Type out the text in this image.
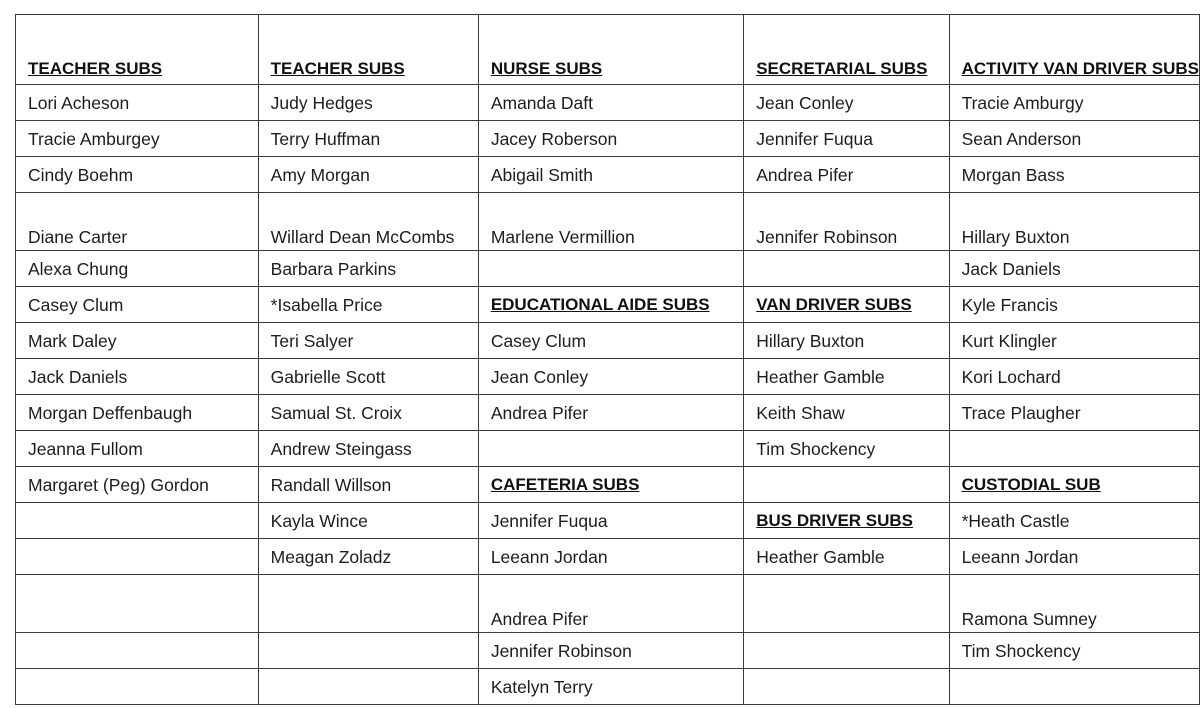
TEACHER SUBS	TEACHER SUBS	NURSE SUBS	SECRETARIAL SUBS	ACTIVITY VAN DRIVER SUBS

Lori Acheson	Judy Hedges	Amanda Daft	Jean Conley	Tracie Amburgy
Tracie Amburgey	Terry Huffman	Jacey Roberson	Jennifer Fuqua	Sean Anderson
Cindy Boehm	Amy Morgan	Abigail Smith	Andrea Pifer	Morgan Bass
Diane Carter	Willard Dean McCombs	Marlene Vermillion	Jennifer Robinson	Hillary Buxton
Alexa Chung	Barbara Parkins			Jack Daniels
Casey Clum	*Isabella Price	EDUCATIONAL AIDE SUBS	VAN DRIVER SUBS	Kyle Francis
Mark Daley	Teri Salyer	Casey Clum	Hillary Buxton	Kurt Klingler
Jack Daniels	Gabrielle Scott	Jean Conley	Heather Gamble	Kori Lochard
Morgan Deffenbaugh	Samual St. Croix	Andrea Pifer	Keith Shaw	Trace Plaugher
Jeanna Fullom	Andrew Steingass		Tim Shockency	
Margaret (Peg) Gordon	Randall Willson	CAFETERIA SUBS		CUSTODIAL SUB

	Kayla Wince	Jennifer Fuqua	BUS DRIVER SUBS	*Heath Castle
	Meagan Zoladz	Leeann Jordan	Heather Gamble	Leeann Jordan
		Andrea Pifer		Ramona Sumney
		Jennifer Robinson		Tim Shockency
		Katelyn Terry		
